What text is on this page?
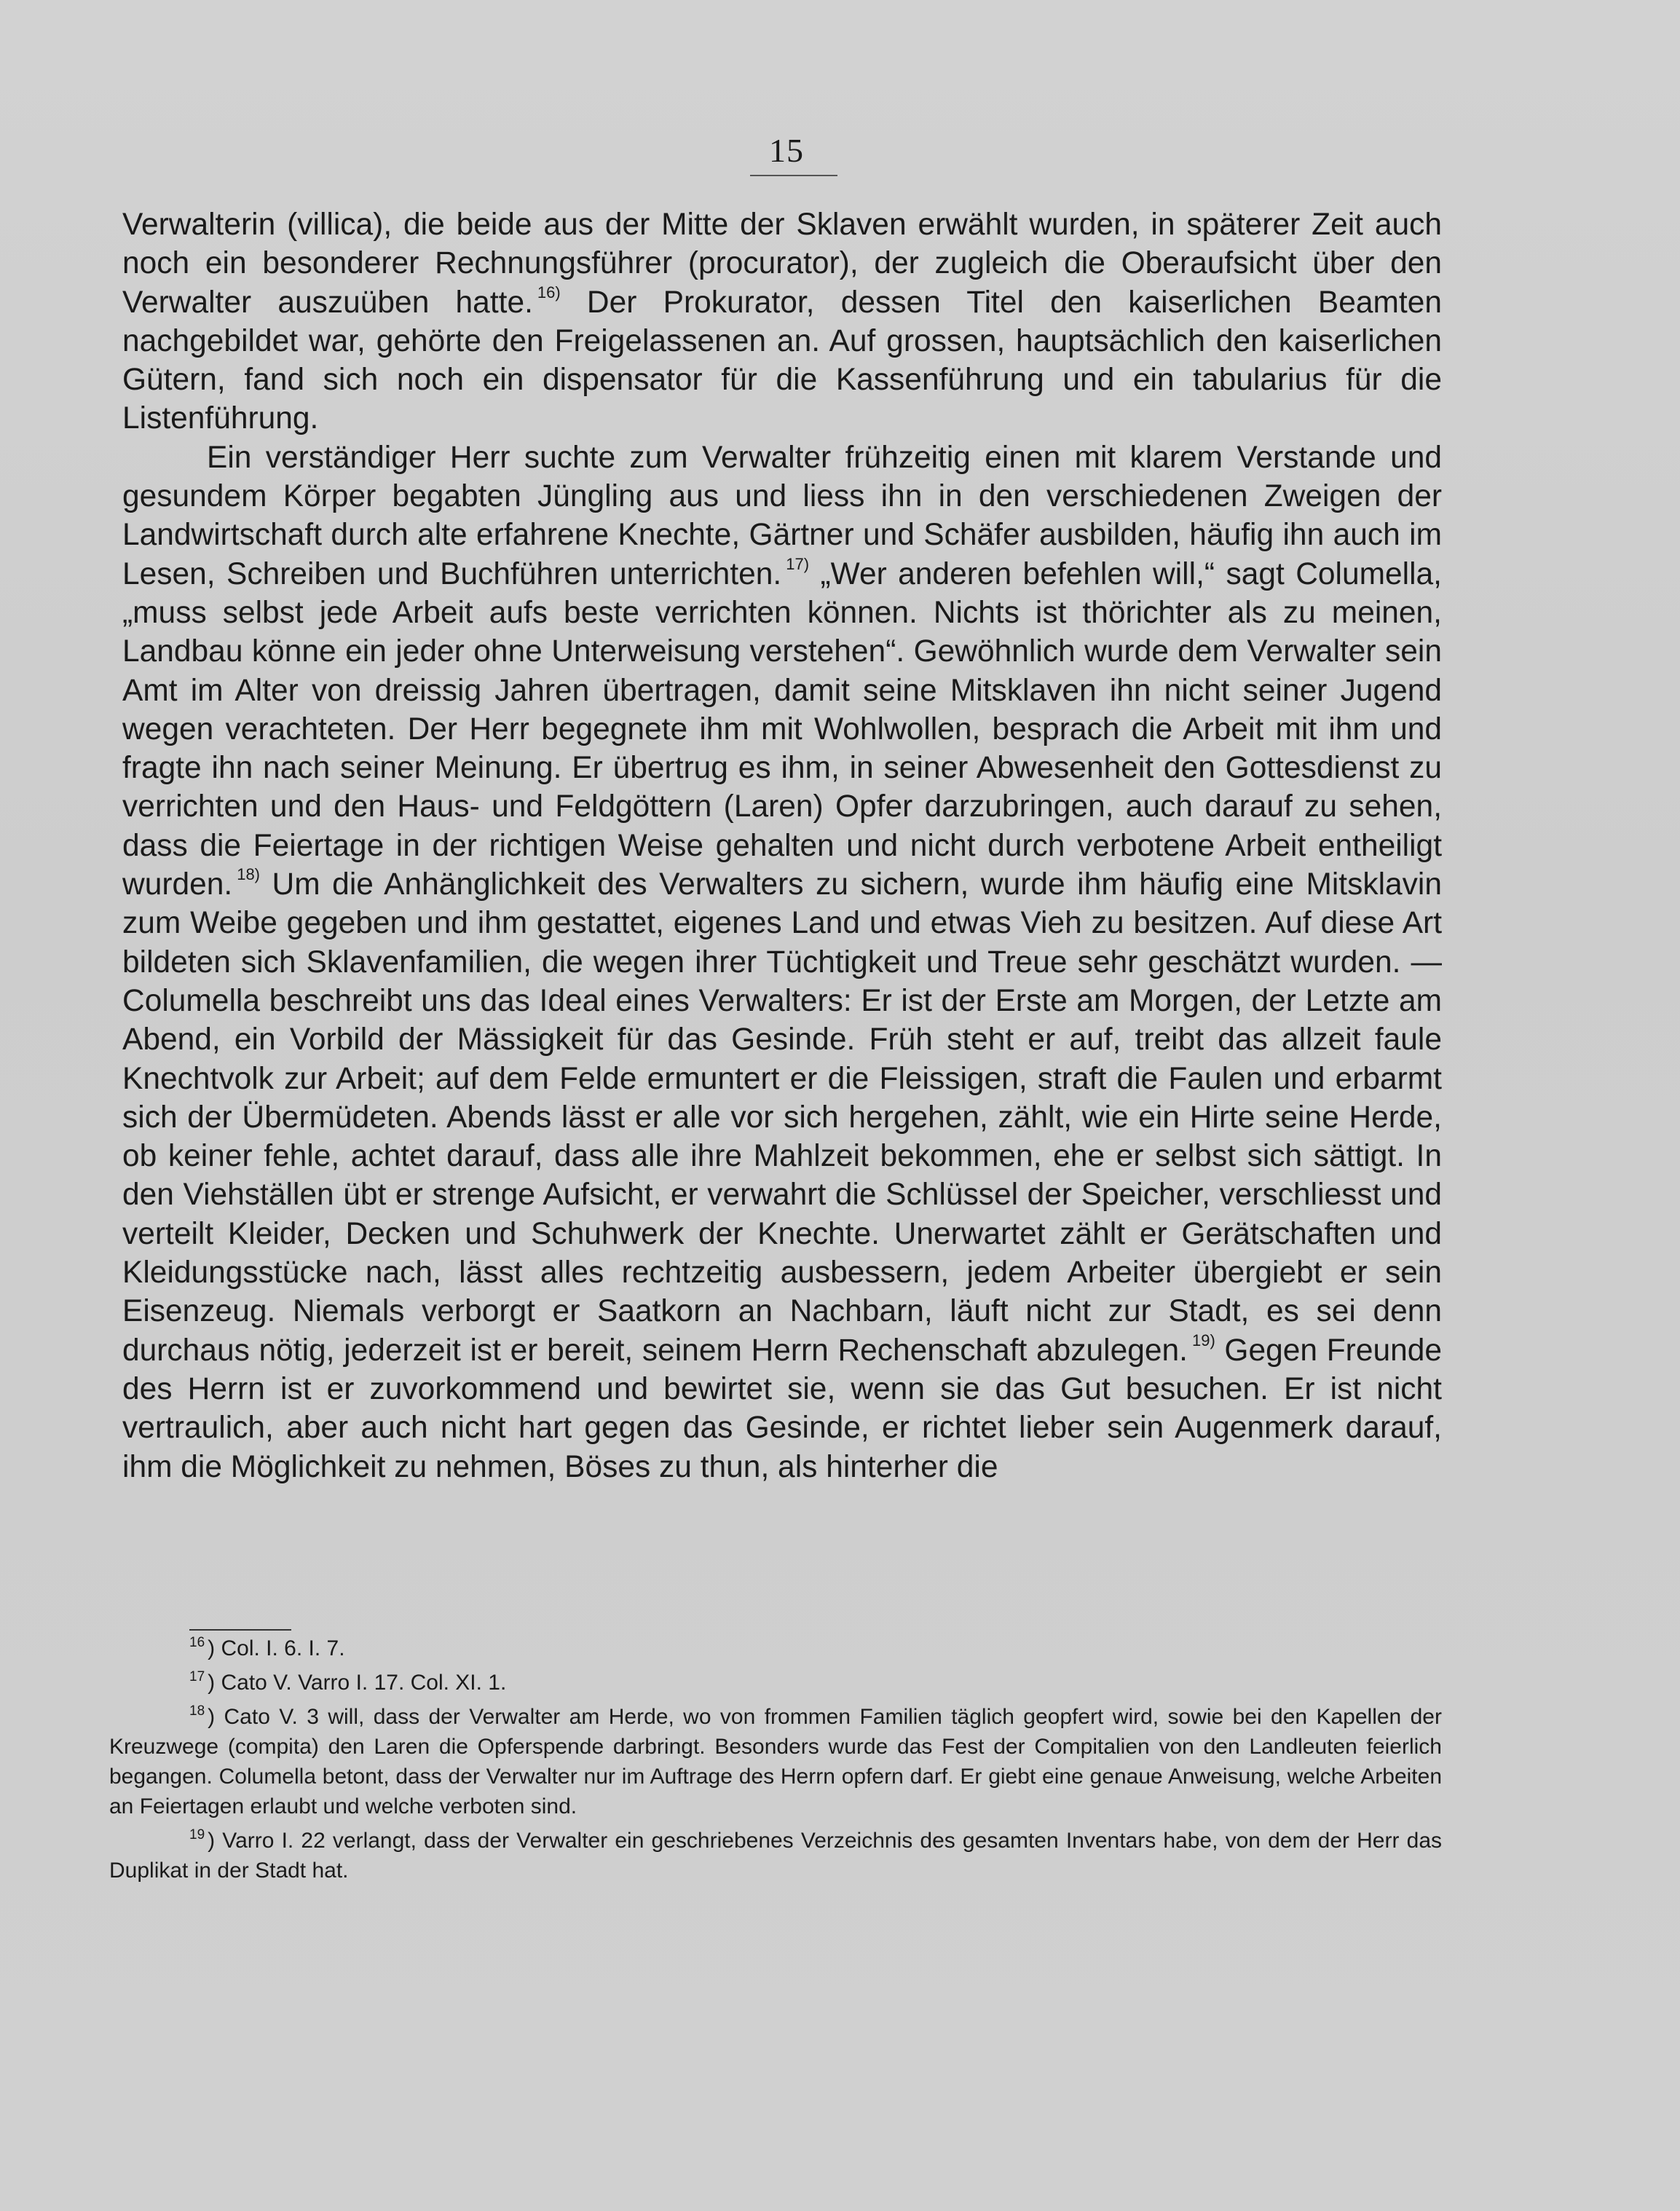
15

Verwalterin (villica), die beide aus der Mitte der Sklaven erwählt wurden, in späterer Zeit auch noch ein besonderer Rechnungsführer (procurator), der zugleich die Oberaufsicht über den Verwalter auszuüben hatte. $^{16)}$ Der Prokurator, dessen Titel den kaiserlichen Beamten nachgebildet war, gehörte den Freigelassenen an. Auf grossen, hauptsächlich den kaiserlichen Gütern, fand sich noch ein dispensator für die Kassenführung und ein tabularius für die Listenführung.

Ein verständiger Herr suchte zum Verwalter frühzeitig einen mit klarem Verstande und gesundem Körper begabten Jüngling aus und liess ihn in den verschiedenen Zweigen der Landwirtschaft durch alte erfahrene Knechte, Gärtner und Schäfer ausbilden, häufig ihn auch im Lesen, Schreiben und Buchführen unterrichten. $^{17)}$ „Wer anderen befehlen will,“ sagt Columella, „muss selbst jede Arbeit aufs beste verrichten können. Nichts ist thörichter als zu meinen, Landbau könne ein jeder ohne Unterweisung verstehen“. Gewöhnlich wurde dem Verwalter sein Amt im Alter von dreissig Jahren übertragen, damit seine Mitsklaven ihn nicht seiner Jugend wegen verachteten. Der Herr begegnete ihm mit Wohlwollen, besprach die Arbeit mit ihm und fragte ihn nach seiner Meinung. Er übertrug es ihm, in seiner Abwesenheit den Gottesdienst zu verrichten und den Haus- und Feldgöttern (Laren) Opfer darzubringen, auch darauf zu sehen, dass die Feiertage in der richtigen Weise gehalten und nicht durch verbotene Arbeit entheiligt wurden. $^{18)}$ Um die Anhänglichkeit des Verwalters zu sichern, wurde ihm häufig eine Mitsklavin zum Weibe gegeben und ihm gestattet, eigenes Land und etwas Vieh zu besitzen. Auf diese Art bildeten sich Sklavenfamilien, die wegen ihrer Tüchtigkeit und Treue sehr geschätzt wurden. — Columella beschreibt uns das Ideal eines Verwalters: Er ist der Erste am Morgen, der Letzte am Abend, ein Vorbild der Mässigkeit für das Gesinde. Früh steht er auf, treibt das allzeit faule Knechtvolk zur Arbeit; auf dem Felde ermuntert er die Fleissigen, straft die Faulen und erbarmt sich der Übermüdeten. Abends lässt er alle vor sich hergehen, zählt, wie ein Hirte seine Herde, ob keiner fehle, achtet darauf, dass alle ihre Mahlzeit bekommen, ehe er selbst sich sättigt. In den Viehställen übt er strenge Aufsicht, er verwahrt die Schlüssel der Speicher, verschliesst und verteilt Kleider, Decken und Schuhwerk der Knechte. Unerwartet zählt er Gerätschaften und Kleidungsstücke nach, lässt alles rechtzeitig ausbessern, jedem Arbeiter übergiebt er sein Eisenzeug. Niemals verborgt er Saatkorn an Nachbarn, läuft nicht zur Stadt, es sei denn durchaus nötig, jederzeit ist er bereit, seinem Herrn Rechenschaft abzulegen. $^{19)}$ Gegen Freunde des Herrn ist er zuvorkommend und bewirtet sie, wenn sie das Gut besuchen. Er ist nicht vertraulich, aber auch nicht hart gegen das Gesinde, er richtet lieber sein Augenmerk darauf, ihm die Möglichkeit zu nehmen, Böses zu thun, als hinterher die

$^{16}$ ) Col. I. 6. I. 7.

$^{17}$ ) Cato V. Varro I. 17. Col. XI. 1.

$^{18}$ ) Cato V. 3 will, dass der Verwalter am Herde, wo von frommen Familien täglich geopfert wird, sowie bei den Kapellen der Kreuzwege (compita) den Laren die Opferspende darbringt. Besonders wurde das Fest der Compitalien von den Landleuten feierlich begangen. Columella betont, dass der Verwalter nur im Auftrage des Herrn opfern darf. Er giebt eine genaue Anweisung, welche Arbeiten an Feiertagen erlaubt und welche verboten sind.

$^{19}$ ) Varro I. 22 verlangt, dass der Verwalter ein geschriebenes Verzeichnis des gesamten Inventars habe, von dem der Herr das Duplikat in der Stadt hat.
